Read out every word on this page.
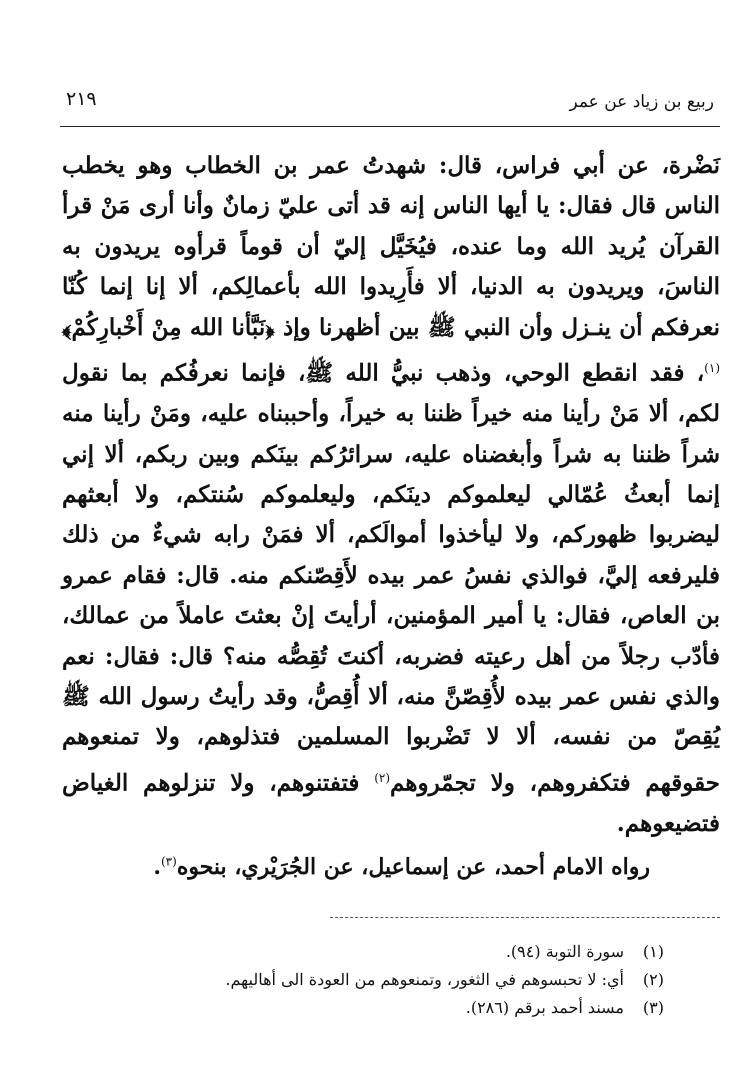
ربيع بن زياد عن عمر
٢١٩

نَضْرة، عن أبي فراس، قال: شهدتُ عمر بن الخطاب وهو يخطب الناس قال فقال: يا أيها الناس إنه قد أتى عليّ زمانٌ وأنا أرى مَنْ قرأ القرآن يُريد الله وما عنده، فيُخَيَّل إليّ أن قوماً قرأوه يريدون به الناسَ، ويريدون به الدنيا، ألا فأَرِيدوا الله بأعمالِكم، ألا إنا إنما كُنّا نعرفكم أن ينـزل وأن النبي ﷺ بين أظهرنا وإذ ﴿نَبَّأنا الله مِنْ أَخْبارِكُمْ﴾$^{(١)}$، فقد انقطع الوحي، وذهب نبيُّ الله ﷺ، فإنما نعرفُكم بما نقول لكم، ألا مَنْ رأينا منه خيراً ظننا به خيراً، وأحببناه عليه، ومَنْ رأينا منه شراً ظننا به شراً وأبغضناه عليه، سرائرُكم بينَكم وبين ربكم، ألا إني إنما أبعثُ عُمّالي ليعلموكم دينَكم، وليعلموكم سُنتكم، ولا أبعثهم ليضربوا ظهوركم، ولا ليأخذوا أموالَكم، ألا فمَنْ رابه شيءٌ من ذلك فليرفعه إليَّ، فوالذي نفسُ عمر بيده لأَقِصّنكم منه. قال: فقام عمرو بن العاص، فقال: يا أمير المؤمنين، أرأيتَ إنْ بعثتَ عاملاً من عمالك، فأدّب رجلاً من أهل رعيته فضربه، أكنتَ تُقِصُّه منه؟ قال: فقال: نعم والذي نفس عمر بيده لأُقِصّنَّ منه، ألا أُقِصُّ، وقد رأيتُ رسول الله ﷺ يُقِصّ من نفسه، ألا لا تَضْربوا المسلمين فتذلوهم، ولا تمنعوهم حقوقهم فتكفروهم، ولا تجمّروهم$^{(٢)}$ فتفتنوهم، ولا تنزلوهم الغياض فتضيعوهم.

رواه الامام أحمد، عن إسماعيل، عن الجُرَيْري، بنحوه$^{(٣)}$.
(١)سورة التوبة (٩٤).
(٢)أي: لا تحبسوهم في الثغور، وتمنعوهم من العودة الى أهاليهم.
(٣)مسند أحمد برقم (٢٨٦).
